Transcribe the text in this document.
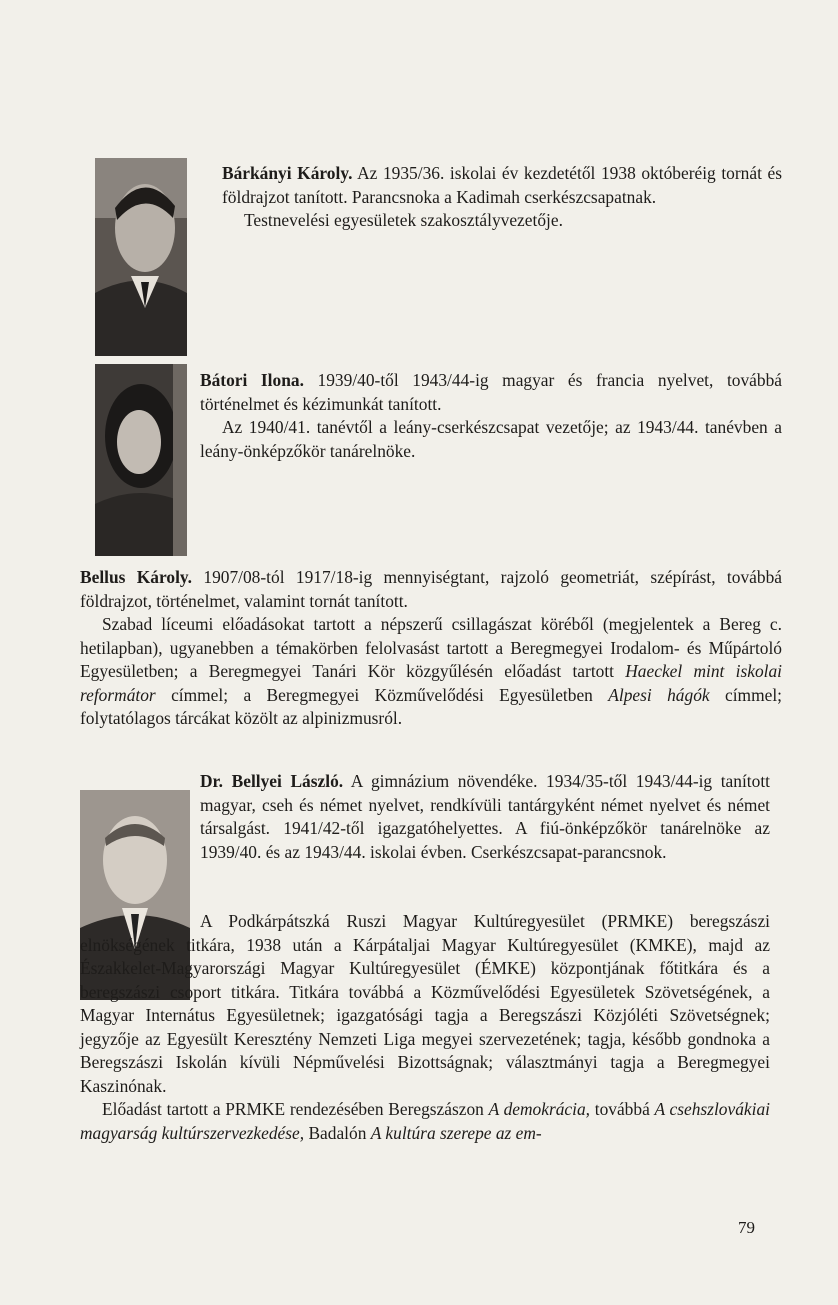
Bárkányi Károly. Az 1935/36. iskolai év kezdetétől 1938 októberéig tornát és földrajzot tanított. Parancsnoka a Kadimah cserkészcsapatnak.

Testnevelési egyesületek szakosztályvezetője.

Bátori Ilona. 1939/40-től 1943/44-ig magyar és francia nyelvet, továbbá történelmet és kézimunkát tanított.

Az 1940/41. tanévtől a leány-cserkészcsapat vezetője; az 1943/44. tanévben a leány-önképzőkör tanárelnöke.

Bellus Károly. 1907/08-tól 1917/18-ig mennyiségtant, rajzoló geometriát, szépírást, továbbá földrajzot, történelmet, valamint tornát tanított.

Szabad líceumi előadásokat tartott a népszerű csillagászat köréből (megjelentek a Bereg c. hetilapban), ugyanebben a témakörben felolvasást tartott a Beregmegyei Irodalom- és Műpártoló Egyesületben; a Beregmegyei Tanári Kör közgyűlésén előadást tartott Haeckel mint iskolai reformátor címmel; a Beregmegyei Közművelődési Egyesületben Alpesi hágók címmel; folytatólagos tárcákat közölt az alpinizmusról.

Dr. Bellyei László. A gimnázium növendéke. 1934/35-től 1943/44-ig tanított magyar, cseh és német nyelvet, rendkívüli tantárgyként német nyelvet és német társalgást. 1941/42-től igazgatóhelyettes. A fiú-önképzőkör tanárelnöke az 1939/40. és az 1943/44. iskolai évben. Cserkészcsapat-parancsnok.

A Podkárpátszká Ruszi Magyar Kultúregyesület (PRMKE) beregszászi elnökségének titkára, 1938 után a Kárpátaljai Magyar Kultúregyesület (KMKE), majd az Északkelet-Magyarországi Magyar Kultúregyesület (ÉMKE) központjának főtitkára és a beregszászi csoport titkára. Titkára továbbá a Közművelődési Egyesületek Szövetségének, a Magyar Internátus Egyesületnek; igazgatósági tagja a Beregszászi Közjóléti Szövetségnek; jegyzője az Egyesült Keresztény Nemzeti Liga megyei szervezetének; tagja, később gondnoka a Beregszászi Iskolán kívüli Népművelési Bizottságnak; választmányi tagja a Beregmegyei Kaszinónak.

Előadást tartott a PRMKE rendezésében Beregszászon A demokrácia, továbbá A csehszlovákiai magyarság kultúrszervezkedése, Badalón A kultúra szerepe az em-

79
